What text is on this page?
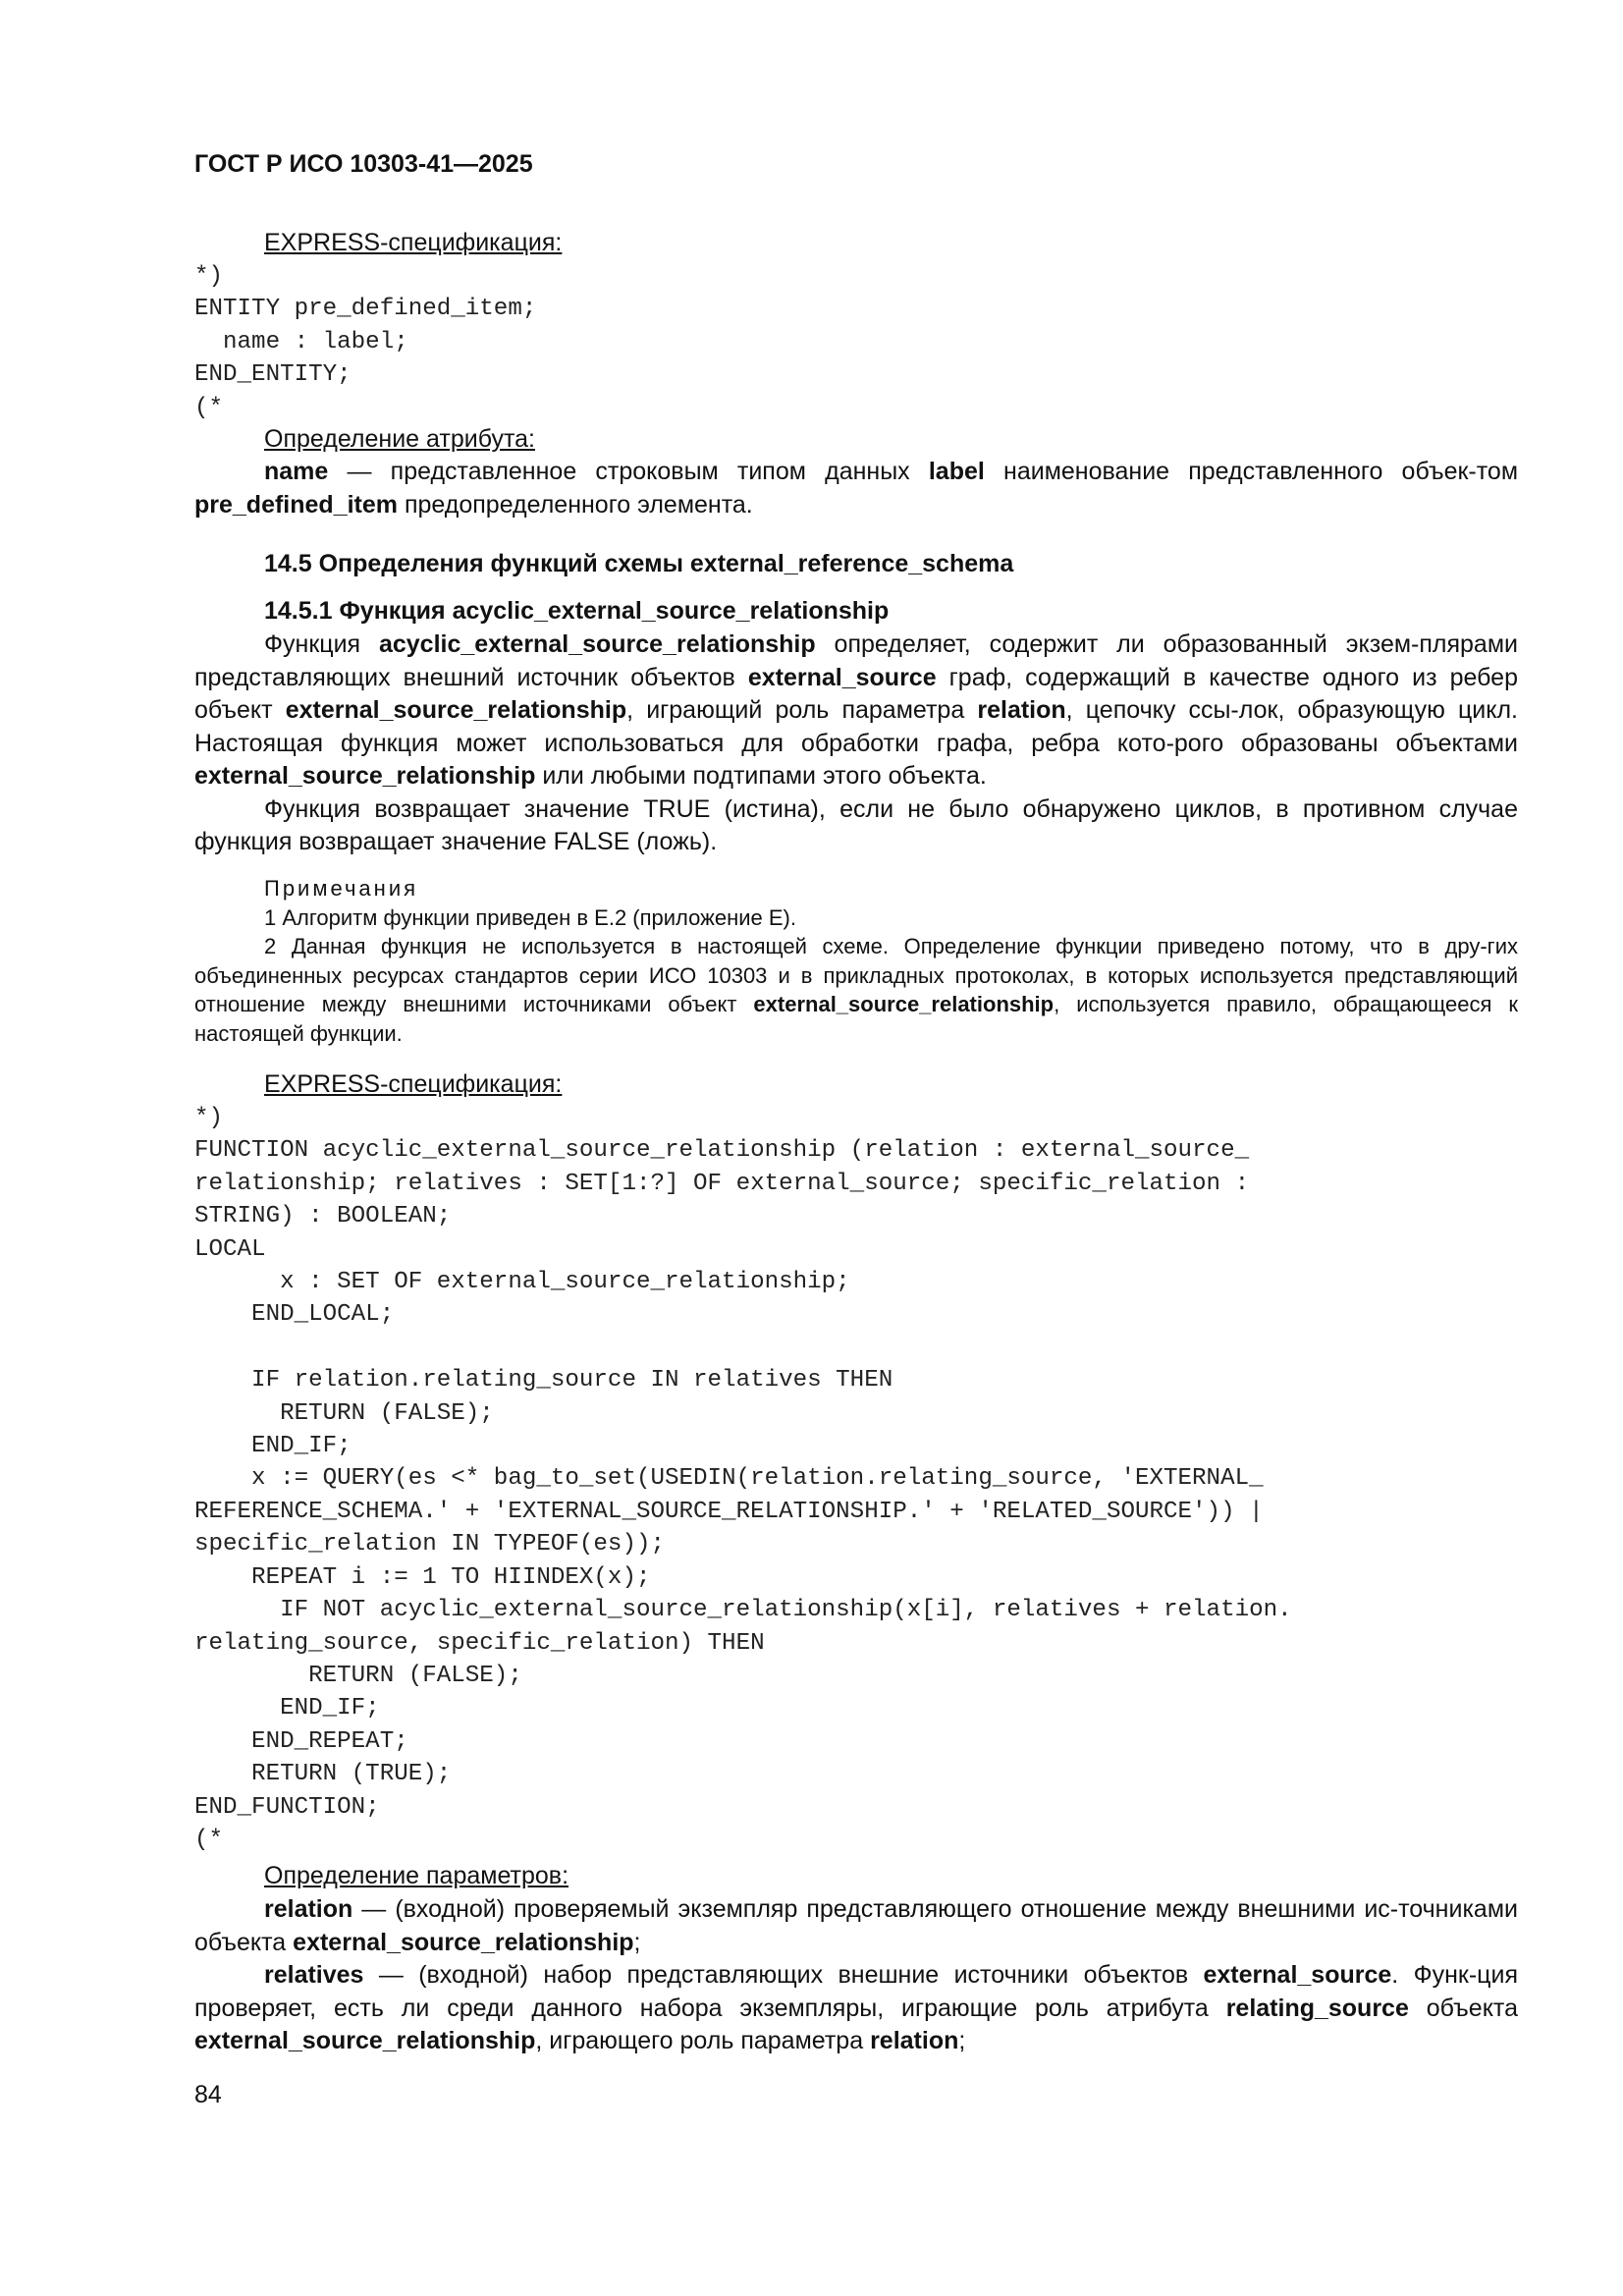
ГОСТ Р ИСО 10303-41—2025
EXPRESS-спецификация:
*)
ENTITY pre_defined_item;
name : label;
END_ENTITY;
(*
Определение атрибута:

name — представленное строковым типом данных label наименование представленного объек-том pre_defined_item предопределенного элемента.

14.5 Определения функций схемы external_reference_schema
14.5.1 Функция acyclic_external_source_relationship

Функция acyclic_external_source_relationship определяет, содержит ли образованный экзем-плярами представляющих внешний источник объектов external_source граф, содержащий в качестве одного из ребер объект external_source_relationship, играющий роль параметра relation, цепочку ссы-лок, образующую цикл. Настоящая функция может использоваться для обработки графа, ребра кото-рого образованы объектами external_source_relationship или любыми подтипами этого объекта.

Функция возвращает значение TRUE (истина), если не было обнаружено циклов, в противном случае функция возвращает значение FALSE (ложь).

Примечания

1 Алгоритм функции приведен в E.2 (приложение E).

2 Данная функция не используется в настоящей схеме. Определение функции приведено потому, что в дру-гих объединенных ресурсах стандартов серии ИСО 10303 и в прикладных протоколах, в которых используется представляющий отношение между внешними источниками объект external_source_relationship, используется правило, обращающееся к настоящей функции.

EXPRESS-спецификация:
*)
FUNCTION acyclic_external_source_relationship (relation : external_source_
relationship; relatives : SET[1:?] OF external_source; specific_relation :
STRING) : BOOLEAN;
LOCAL
x : SET OF external_source_relationship;
END_LOCAL;

IF relation.relating_source IN relatives THEN
RETURN (FALSE);
END_IF;
x := QUERY(es <* bag_to_set(USEDIN(relation.relating_source, 'EXTERNAL_
REFERENCE_SCHEMA.' + 'EXTERNAL_SOURCE_RELATIONSHIP.' + 'RELATED_SOURCE')) |
specific_relation IN TYPEOF(es));
REPEAT i := 1 TO HIINDEX(x);
IF NOT acyclic_external_source_relationship(x[i], relatives + relation.
relating_source, specific_relation) THEN
RETURN (FALSE);
END_IF;
END_REPEAT;
RETURN (TRUE);
END_FUNCTION;
(*
Определение параметров:

relation — (входной) проверяемый экземпляр представляющего отношение между внешними ис-точниками объекта external_source_relationship;

relatives — (входной) набор представляющих внешние источники объектов external_source. Функ-ция проверяет, есть ли среди данного набора экземпляры, играющие роль атрибута relating_source объекта external_source_relationship, играющего роль параметра relation;

84
